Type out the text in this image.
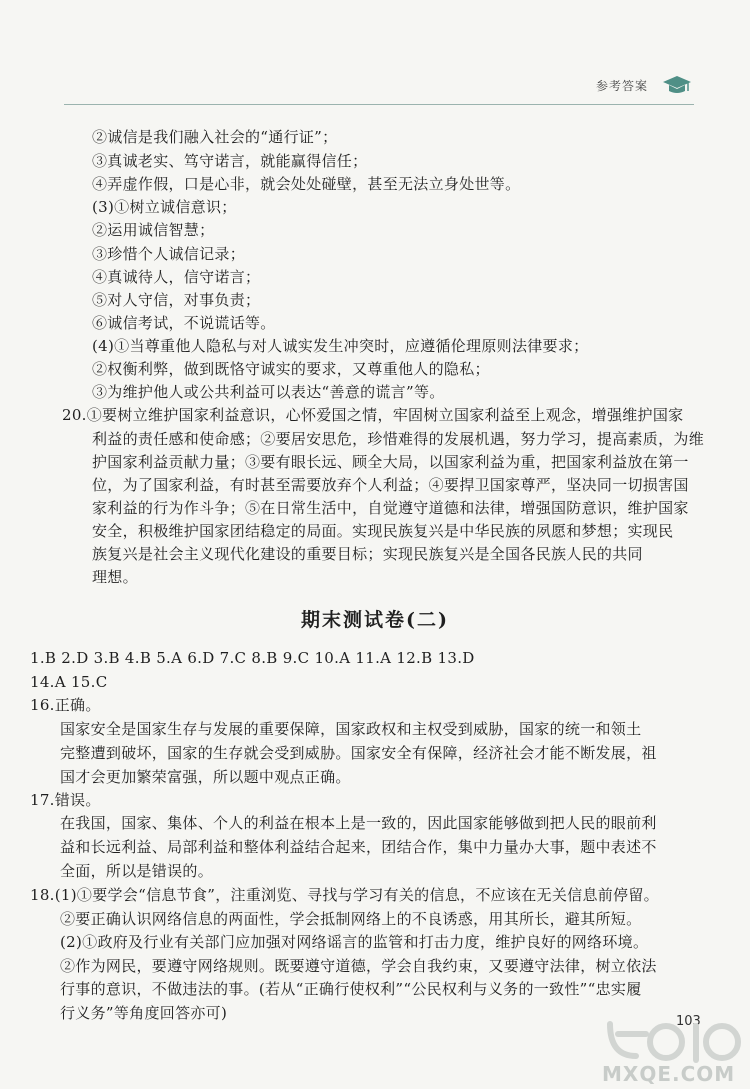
参考答案
②诚信是我们融入社会的“通行证”；
③真诚老实、笃守诺言，就能赢得信任；
④弄虚作假，口是心非，就会处处碰壁，甚至无法立身处世等。
(3)①树立诚信意识；
②运用诚信智慧；
③珍惜个人诚信记录；
④真诚待人，信守诺言；
⑤对人守信，对事负责；
⑥诚信考试，不说谎话等。
(4)①当尊重他人隐私与对人诚实发生冲突时，应遵循伦理原则法律要求；
②权衡利弊，做到既恪守诚实的要求，又尊重他人的隐私；
③为维护他人或公共利益可以表达“善意的谎言”等。
20.①要树立维护国家利益意识，心怀爱国之情，牢固树立国家利益至上观念，增强维护国家
利益的责任感和使命感；②要居安思危，珍惜难得的发展机遇，努力学习，提高素质，为维
护国家利益贡献力量；③要有眼长远、顾全大局，以国家利益为重，把国家利益放在第一
位，为了国家利益，有时甚至需要放弃个人利益；④要捍卫国家尊严，坚决同一切损害国
家利益的行为作斗争；⑤在日常生活中，自觉遵守道德和法律，增强国防意识，维护国家
安全，积极维护国家团结稳定的局面。实现民族复兴是中华民族的夙愿和梦想；实现民
族复兴是社会主义现代化建设的重要目标；实现民族复兴是全国各民族人民的共同
理想。
期末测试卷(二)
1.B 2.D 3.B 4.B 5.A 6.D 7.C 8.B 9.C 10.A 11.A 12.B 13.D
14.A 15.C
16.正确。
国家安全是国家生存与发展的重要保障，国家政权和主权受到威胁，国家的统一和领土
完整遭到破坏，国家的生存就会受到威胁。国家安全有保障，经济社会才能不断发展，祖
国才会更加繁荣富强，所以题中观点正确。
17.错误。
在我国，国家、集体、个人的利益在根本上是一致的，因此国家能够做到把人民的眼前利
益和长远利益、局部利益和整体利益结合起来，团结合作，集中力量办大事，题中表述不
全面，所以是错误的。
18.(1)①要学会“信息节食”，注重浏览、寻找与学习有关的信息，不应该在无关信息前停留。
②要正确认识网络信息的两面性，学会抵制网络上的不良诱惑，用其所长，避其所短。
(2)①政府及行业有关部门应加强对网络谣言的监管和打击力度，维护良好的网络环境。
②作为网民，要遵守网络规则。既要遵守道德，学会自我约束，又要遵守法律，树立依法
行事的意识，不做违法的事。(若从“正确行使权利”“公民权利与义务的一致性”“忠实履
行义务”等角度回答亦可)	103
MXQE.COM
